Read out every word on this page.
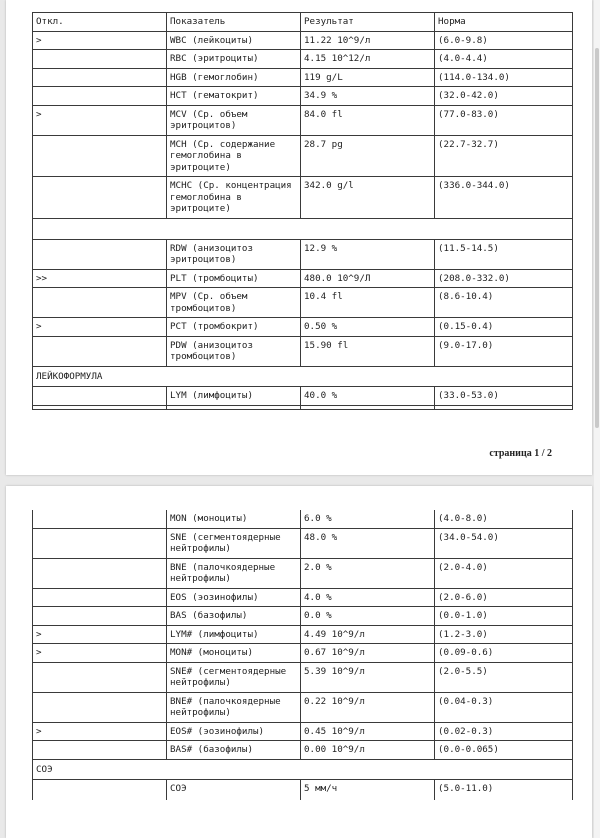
Откл.	Показатель	Результат	Норма
>	WBC (лейкоциты)	11.22 10^9/л	(6.0-9.8)
	RBC (эритроциты)	4.15 10^12/л	(4.0-4.4)
	HGB (гемоглобин)	119 g/L	(114.0-134.0)
	HCT (гематокрит)	34.9 %	(32.0-42.0)
>	MCV (Ср. объем эритроцитов)	84.0 fl	(77.0-83.0)
	MCH (Ср. содержание гемоглобина в эритроците)	28.7 pg	(22.7-32.7)
	MCHC (Ср. концентрация гемоглобина в эритроците)	342.0 g/l	(336.0-344.0)

	RDW (анизоцитоз эритроцитов)	12.9 %	(11.5-14.5)
>>	PLT (тромбоциты)	480.0 10^9/Л	(208.0-332.0)
	MPV (Ср. объем тромбоцитов)	10.4 fl	(8.6-10.4)
>	PCT (тромбокрит)	0.50 %	(0.15-0.4)
	PDW (анизоцитоз тромбоцитов)	15.90 fl	(9.0-17.0)
ЛЕЙКОФОРМУЛА			
	LYM (лимфоциты)	40.0 %	(33.0-53.0)

страница 1 / 2
	MON (моноциты)	6.0 %	(4.0-8.0)
	SNE (сегментоядерные нейтрофилы)	48.0 %	(34.0-54.0)
	BNE (палочкоядерные нейтрофилы)	2.0 %	(2.0-4.0)
	EOS (эозинофилы)	4.0 %	(2.0-6.0)
	BAS (базофилы)	0.0 %	(0.0-1.0)
>	LYM# (лимфоциты)	4.49 10^9/л	(1.2-3.0)
>	MON# (моноциты)	0.67 10^9/л	(0.09-0.6)
	SNE# (сегментоядерные нейтрофилы)	5.39 10^9/л	(2.0-5.5)
	BNE# (палочкоядерные нейтрофилы)	0.22 10^9/л	(0.04-0.3)
>	EOS# (эозинофилы)	0.45 10^9/л	(0.02-0.3)
	BAS# (базофилы)	0.00 10^9/л	(0.0-0.065)
СОЭ			
	СОЭ	5 мм/ч	(5.0-11.0)
